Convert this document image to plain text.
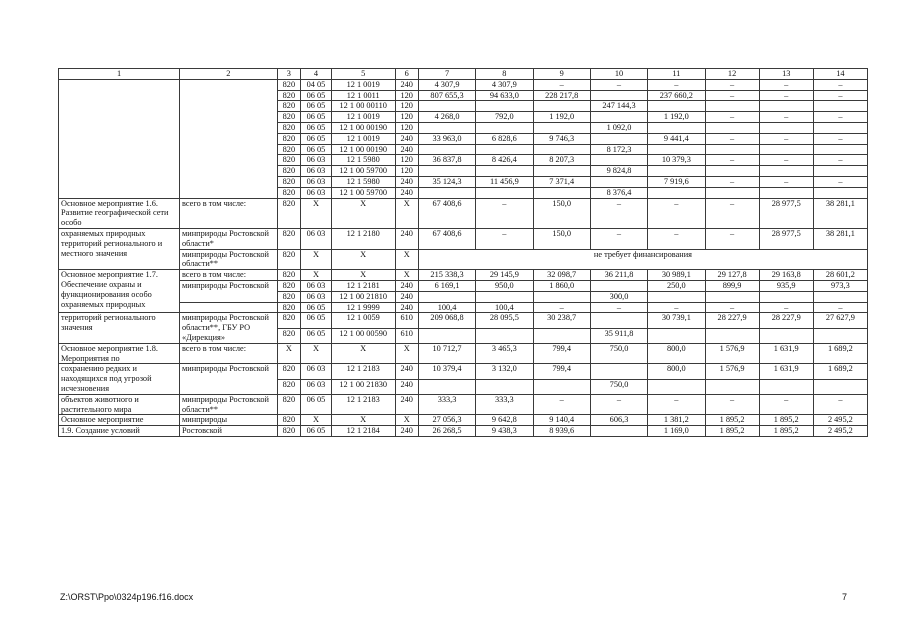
1	2	3	4	5	6	7	8	9	10	11	12	13	14
		820	04 05	12 1 0019	240	4 307,9	4 307,9	–	–	–	–	–	–
		820	06 05	12 1 0011	120	807 655,3	94 633,0	228 217,8		237 660,2	–	–	–
		820	06 05	12 1 00 00110	120				247 144,3				
		820	06 05	12 1 0019	120	4 268,0	792,0	1 192,0		1 192,0	–	–	–
		820	06 05	12 1 00 00190	120				1 092,0				
		820	06 05	12 1 0019	240	33 963,0	6 828,6	9 746,3		9 441,4	–	–	–
		820	06 05	12 1 00 00190	240				8 172,3				
		820	06 03	12 1 5980	120	36 837,8	8 426,4	8 207,3		10 379,3	–	–	–
		820	06 03	12 1 00 59700	120				9 824,8				
		820	06 03	12 1 5980	240	35 124,3	11 456,9	7 371,4		7 919,6	–	–	–
		820	06 03	12 1 00 59700	240				8 376,4				
Основное мероприятие 1.6. Развитие географической сети особо	всего в том числе:	820	Х	Х	Х	67 408,6	–	150,0	–	–	–	28 977,5	38 281,1
охраняемых природных территорий регионального и местного значения	минприроды Ростовской области*	820	06 03	12 1 2180	240	67 408,6	–	150,0	–	–	–	28 977,5	38 281,1
	минприроды Ростовской области**	820	Х	Х	Х	не требует финансирования							
Основное мероприятие 1.7. Обеспечение охраны и функционирования особо охраняемых природных	всего в том числе:	820	Х	Х	Х	215 338,3	29 145,9	32 098,7	36 211,8	30 989,1	29 127,8	29 163,8	28 601,2
	минприроды Ростовской	820	06 03	12 1 2181	240	6 169,1	950,0	1 860,0		250,0	899,9	935,9	973,3
		820	06 03	12 1 00 21810	240				300,0				
		820	06 05	12 1 9999	240	100,4	100,4	–	–	–	–	–	–
территорий регионального значения	минприроды Ростовской области**, ГБУ РО «Дирекция»	820	06 05	12 1 0059	610	209 068,8	28 095,5	30 238,7		30 739,1	28 227,9	28 227,9	27 627,9
		820	06 05	12 1 00 00590	610				35 911,8				
Основное мероприятие 1.8. Мероприятия по	всего в том числе:	Х	Х	Х	Х	10 712,7	3 465,3	799,4	750,0	800,0	1 576,9	1 631,9	1 689,2
сохранению редких и находящихся под угрозой исчезновения	минприроды Ростовской	820	06 03	12 1 2183	240	10 379,4	3 132,0	799,4		800,0	1 576,9	1 631,9	1 689,2
		820	06 03	12 1 00 21830	240				750,0				
объектов животного и растительного мира	минприроды Ростовской области**	820	06 05	12 1 2183	240	333,3	333,3	–	–	–	–	–	–
Основное мероприятие	минприроды	820	Х	Х	Х	27 056,3	9 642,8	9 140,4	606,3	1 381,2	1 895,2	1 895,2	2 495,2
1.9. Создание условий	Ростовской	820	06 05	12 1 2184	240	26 268,5	9 438,3	8 939,6		1 169,0	1 895,2	1 895,2	2 495,2
Z:\ORST\Ppo\0324p196.f16.docx	7
